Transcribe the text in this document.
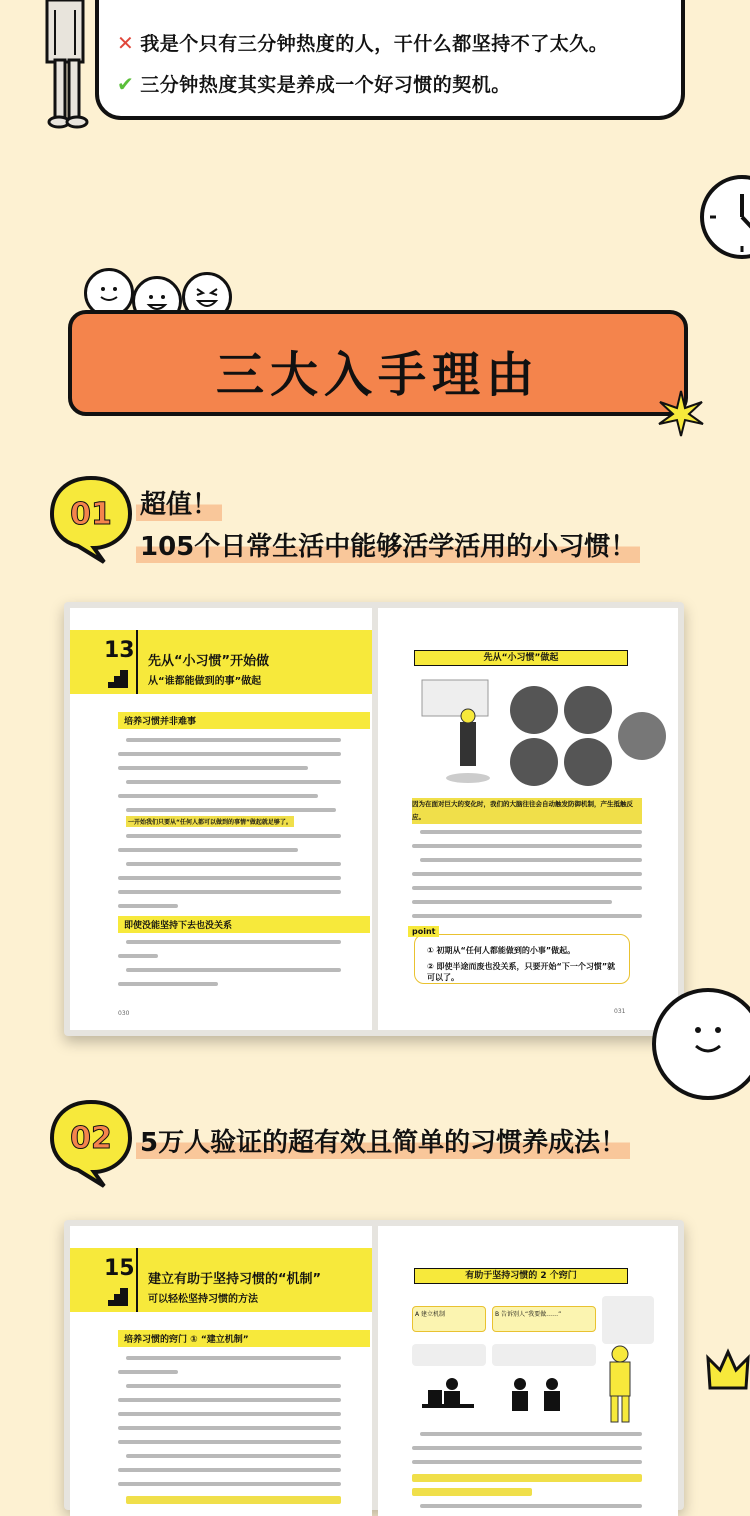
✕ 我是个只有三分钟热度的人，干什么都坚持不了太久。
✔ 三分钟热度其实是养成一个好习惯的契机。
三大入手理由
01 超值！
105个日常生活中能够活学活用的小习惯！
13 先从“小习惯”开始做
从“谁都能做到的事”做起
培养习惯并非难事
一开始我们只要从“任何人都可以做到的事情”做起就足够了。
即使没能坚持下去也没关系
030
先从“小习惯”做起
因为在面对巨大的变化时，我们的大脑往往会自动触发防御机制，产生抵触反应。
① 初期从“任何人都能做到的小事”做起。
② 即使半途而废也没关系，只要开始“下一个习惯”就可以了。
point
031
02 5万人验证的超有效且简单的习惯养成法！
15 建立有助于坚持习惯的“机制”
可以轻松坚持习惯的方法
培养习惯的窍门 ① “建立机制”
有助于坚持习惯的 2 个窍门
A 建立机制	B 告诉别人“我要做……”
